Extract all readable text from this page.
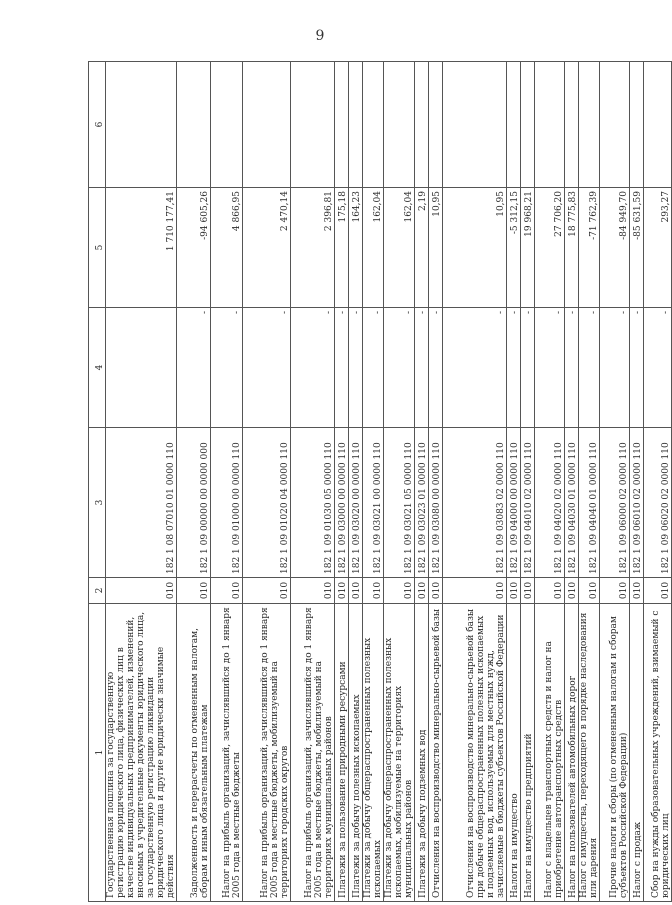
9
1	2	3	4	5	6
Государственная пошлина за государственную регистрацию юридического лица, физических лиц в качестве индивидуальных предпринимателей, изменений, вносимых в учредительные документы юридического лица, за государственную регистрацию ликвидации юридического лица и другие юридически значимые действия	010	182 1 08 07010 01 0000 110		1 710 177,41	
Задолженность и перерасчеты по отмененным налогам, сборам и иным обязательным платежам	010	182 1 09 00000 00 0000 000	-	-94 605,26	
Налог на прибыль организаций, зачислявшийся до 1 января 2005 года в местные бюджеты	010	182 1 09 01000 00 0000 110	-	4 866,95	
Налог на прибыль организаций, зачислявшийся до 1 января 2005 года в местные бюджеты, мобилизуемый на территориях городских округов	010	182 1 09 01020 04 0000 110	-	2 470,14	
Налог на прибыль организаций, зачислявшийся до 1 января 2005 года в местные бюджеты, мобилизуемый на территориях муниципальных районов	010	182 1 09 01030 05 0000 110	-	2 396,81	
Платежи за пользование природными ресурсами	010	182 1 09 03000 00 0000 110	-	175,18	
Платежи за добычу полезных ископаемых	010	182 1 09 03020 00 0000 110	-	164,23	
Платежи за добычу общераспространенных полезных ископаемых	010	182 1 09 03021 00 0000 110	-	162,04	
Платежи за добычу общераспространенных полезных ископаемых, мобилизуемые на территориях муниципальных районов	010	182 1 09 03021 05 0000 110	-	162,04	
Платежи за добычу подземных вод	010	182 1 09 03023 01 0000 110	-	2,19	
Отчисления на воспроизводство минерально-сырьевой базы	010	182 1 09 03080 00 0000 110	-	10,95	
Отчисления на воспроизводство минерально-сырьевой базы при добыче общераспространенных полезных ископаемых и подземных вод, используемых для местных нужд, зачисляемые в бюджеты субъектов Российской Федерации	010	182 1 09 03083 02 0000 110	-	10,95	
Налоги на имущество	010	182 1 09 04000 00 0000 110	-	-5 312,15	
Налог на имущество предприятий	010	182 1 09 04010 02 0000 110	-	19 968,21	
Налог с владельцев транспортных средств и налог на приобретение автотранспортных средств	010	182 1 09 04020 02 0000 110	-	27 706,20	
Налог на пользователей автомобильных дорог	010	182 1 09 04030 01 0000 110	-	18 775,83	
Налог с имущества, переходящего в порядке наследования или дарения	010	182 1 09 04040 01 0000 110	-	-71 762,39	
Прочие налоги и сборы (по отмененным налогам и сборам субъектов Российской Федерации)	010	182 1 09 06000 02 0000 110	-	-84 949,70	
Налог с продаж	010	182 1 09 06010 02 0000 110	-	-85 631,59	
Сбор на нужды образовательных учреждений, взимаемый с юридических лиц	010	182 1 09 06020 02 0000 110	-	293,27	
